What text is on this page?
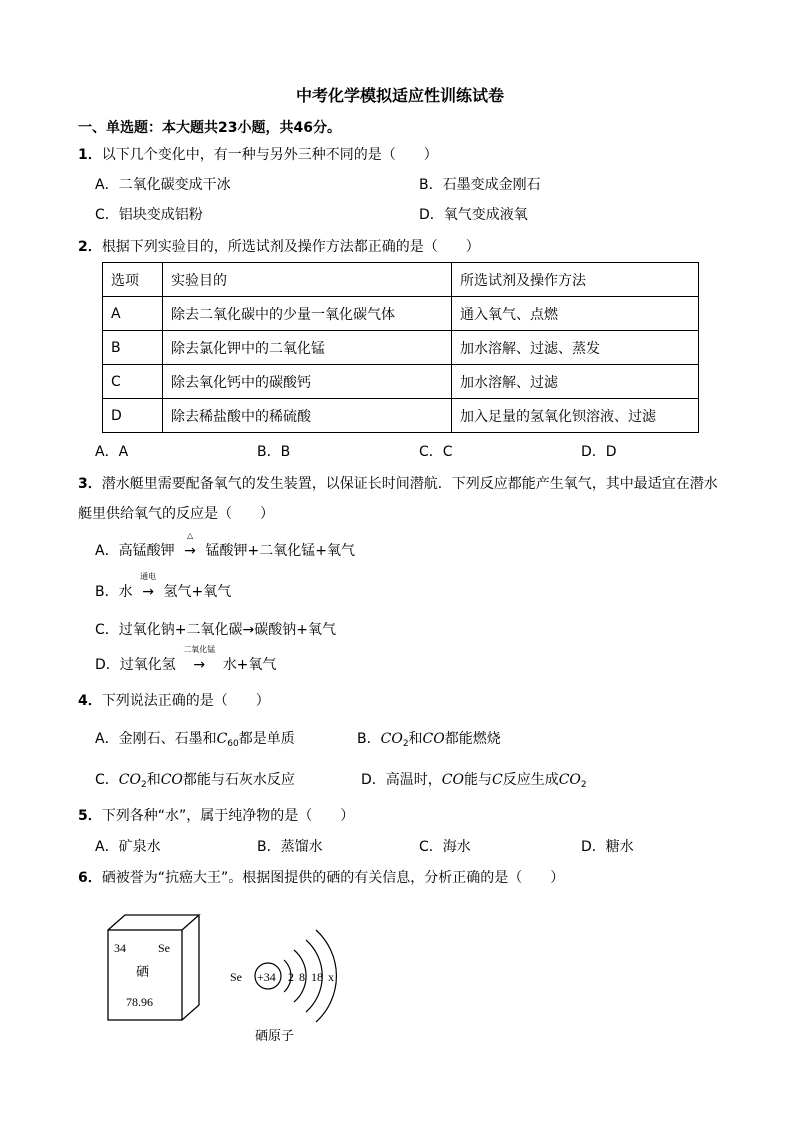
中考化学模拟适应性训练试卷
一、单选题：本大题共23小题，共46分。
1．以下几个变化中，有一种与另外三种不同的是（　　）
A．二氧化碳变成干冰	B．石墨变成金刚石
C．铝块变成铝粉	D．氧气变成液氧
2．根据下列实验目的，所选试剂及操作方法都正确的是（　　）
选项	实验目的	所选试剂及操作方法
A	除去二氧化碳中的少量一氧化碳气体	通入氧气、点燃
B	除去氯化钾中的二氧化锰	加水溶解、过滤、蒸发
C	除去氧化钙中的碳酸钙	加水溶解、过滤
D	除去稀盐酸中的稀硫酸	加入足量的氢氧化钡溶液、过滤
A．A	B．B	C．C	D．D
3．潜水艇里需要配备氧气的发生装置，以保证长时间潜航．下列反应都能产生氧气，其中最适宜在潜水
艇里供给氧气的反应是（　　）
A．高锰酸钾
△
→ 锰酸钾+二氧化锰+氧气
B．水
通电
→ 氢气+氧气
C．过氧化钠+二氧化碳→碳酸钠+氧气
D．过氧化氢
二氧化锰
→ 水+氧气
4．下列说法正确的是（　　）
A．金刚石、石墨和$C_{60}$都是单质	B．$CO_2$和CO都能燃烧
C．$CO_2$和CO都能与石灰水反应	D．高温时，CO能与C反应生成$CO_2$
5．下列各种“水”，属于纯净物的是（　　）
A．矿泉水	B．蒸馏水	C．海水	D．糖水
6．硒被誉为“抗癌大王”。根据图提供的硒的有关信息，分析正确的是（　　）
34	Se
硒
78.96
Se +34 2 8 18 x
硒原子
